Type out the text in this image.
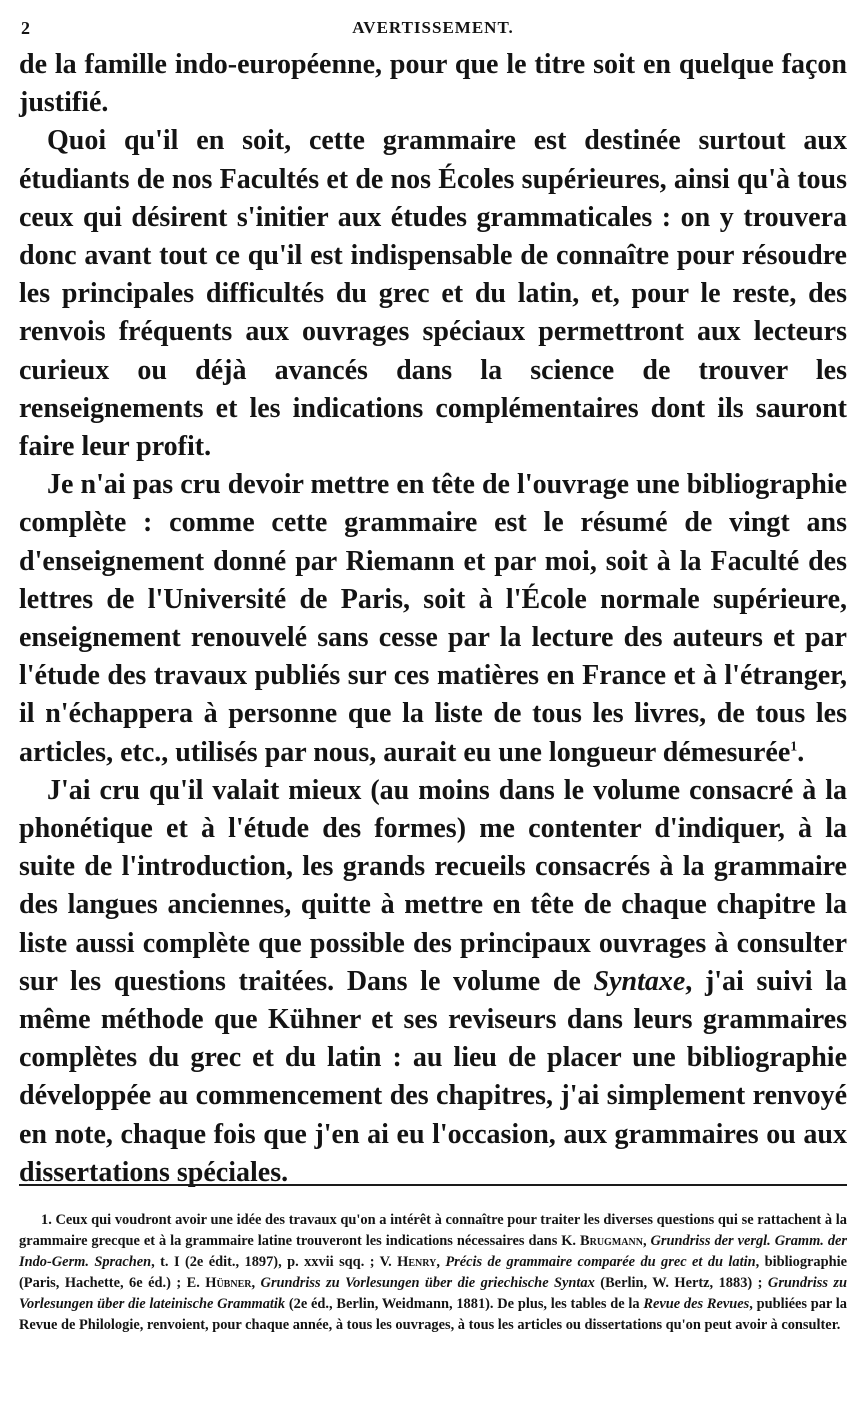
2	AVERTISSEMENT.

de la famille indo-européenne, pour que le titre soit en quelque façon justifié.

Quoi qu'il en soit, cette grammaire est destinée surtout aux étudiants de nos Facultés et de nos Écoles supérieures, ainsi qu'à tous ceux qui désirent s'initier aux études grammaticales : on y trouvera donc avant tout ce qu'il est indispensable de connaître pour résoudre les principales difficultés du grec et du latin, et, pour le reste, des renvois fréquents aux ouvrages spéciaux permettront aux lecteurs curieux ou déjà avancés dans la science de trouver les renseignements et les indications complémentaires dont ils sauront faire leur profit.

Je n'ai pas cru devoir mettre en tête de l'ouvrage une bibliographie complète : comme cette grammaire est le résumé de vingt ans d'enseignement donné par Riemann et par moi, soit à la Faculté des lettres de l'Université de Paris, soit à l'École normale supérieure, enseignement renouvelé sans cesse par la lecture des auteurs et par l'étude des travaux publiés sur ces matières en France et à l'étranger, il n'échappera à personne que la liste de tous les livres, de tous les articles, etc., utilisés par nous, aurait eu une longueur démesurée$^1$.

J'ai cru qu'il valait mieux (au moins dans le volume consacré à la phonétique et à l'étude des formes) me contenter d'indiquer, à la suite de l'introduction, les grands recueils consacrés à la grammaire des langues anciennes, quitte à mettre en tête de chaque chapitre la liste aussi complète que possible des principaux ouvrages à consulter sur les questions traitées. Dans le volume de Syntaxe, j'ai suivi la même méthode que Kühner et ses reviseurs dans leurs grammaires complètes du grec et du latin : au lieu de placer une bibliographie développée au commencement des chapitres, j'ai simplement renvoyé en note, chaque fois que j'en ai eu l'occasion, aux grammaires ou aux dissertations spéciales.

1. Ceux qui voudront avoir une idée des travaux qu'on a intérêt à connaître pour traiter les diverses questions qui se rattachent à la grammaire grecque et à la grammaire latine trouveront les indications nécessaires dans K. Brugmann, Grundriss der vergl. Gramm. der Indo-Germ. Sprachen, t. I (2e édit., 1897), p. xxvii sqq. ; V. Henry, Précis de grammaire comparée du grec et du latin, bibliographie (Paris, Hachette, 6e éd.) ; E. Hübner, Grundriss zu Vorlesungen über die griechische Syntax (Berlin, W. Hertz, 1883) ; Grundriss zu Vorlesungen über die lateinische Grammatik (2e éd., Berlin, Weidmann, 1881). De plus, les tables de la Revue des Revues, publiées par la Revue de Philologie, renvoient, pour chaque année, à tous les ouvrages, à tous les articles ou dissertations qu'on peut avoir à consulter.
